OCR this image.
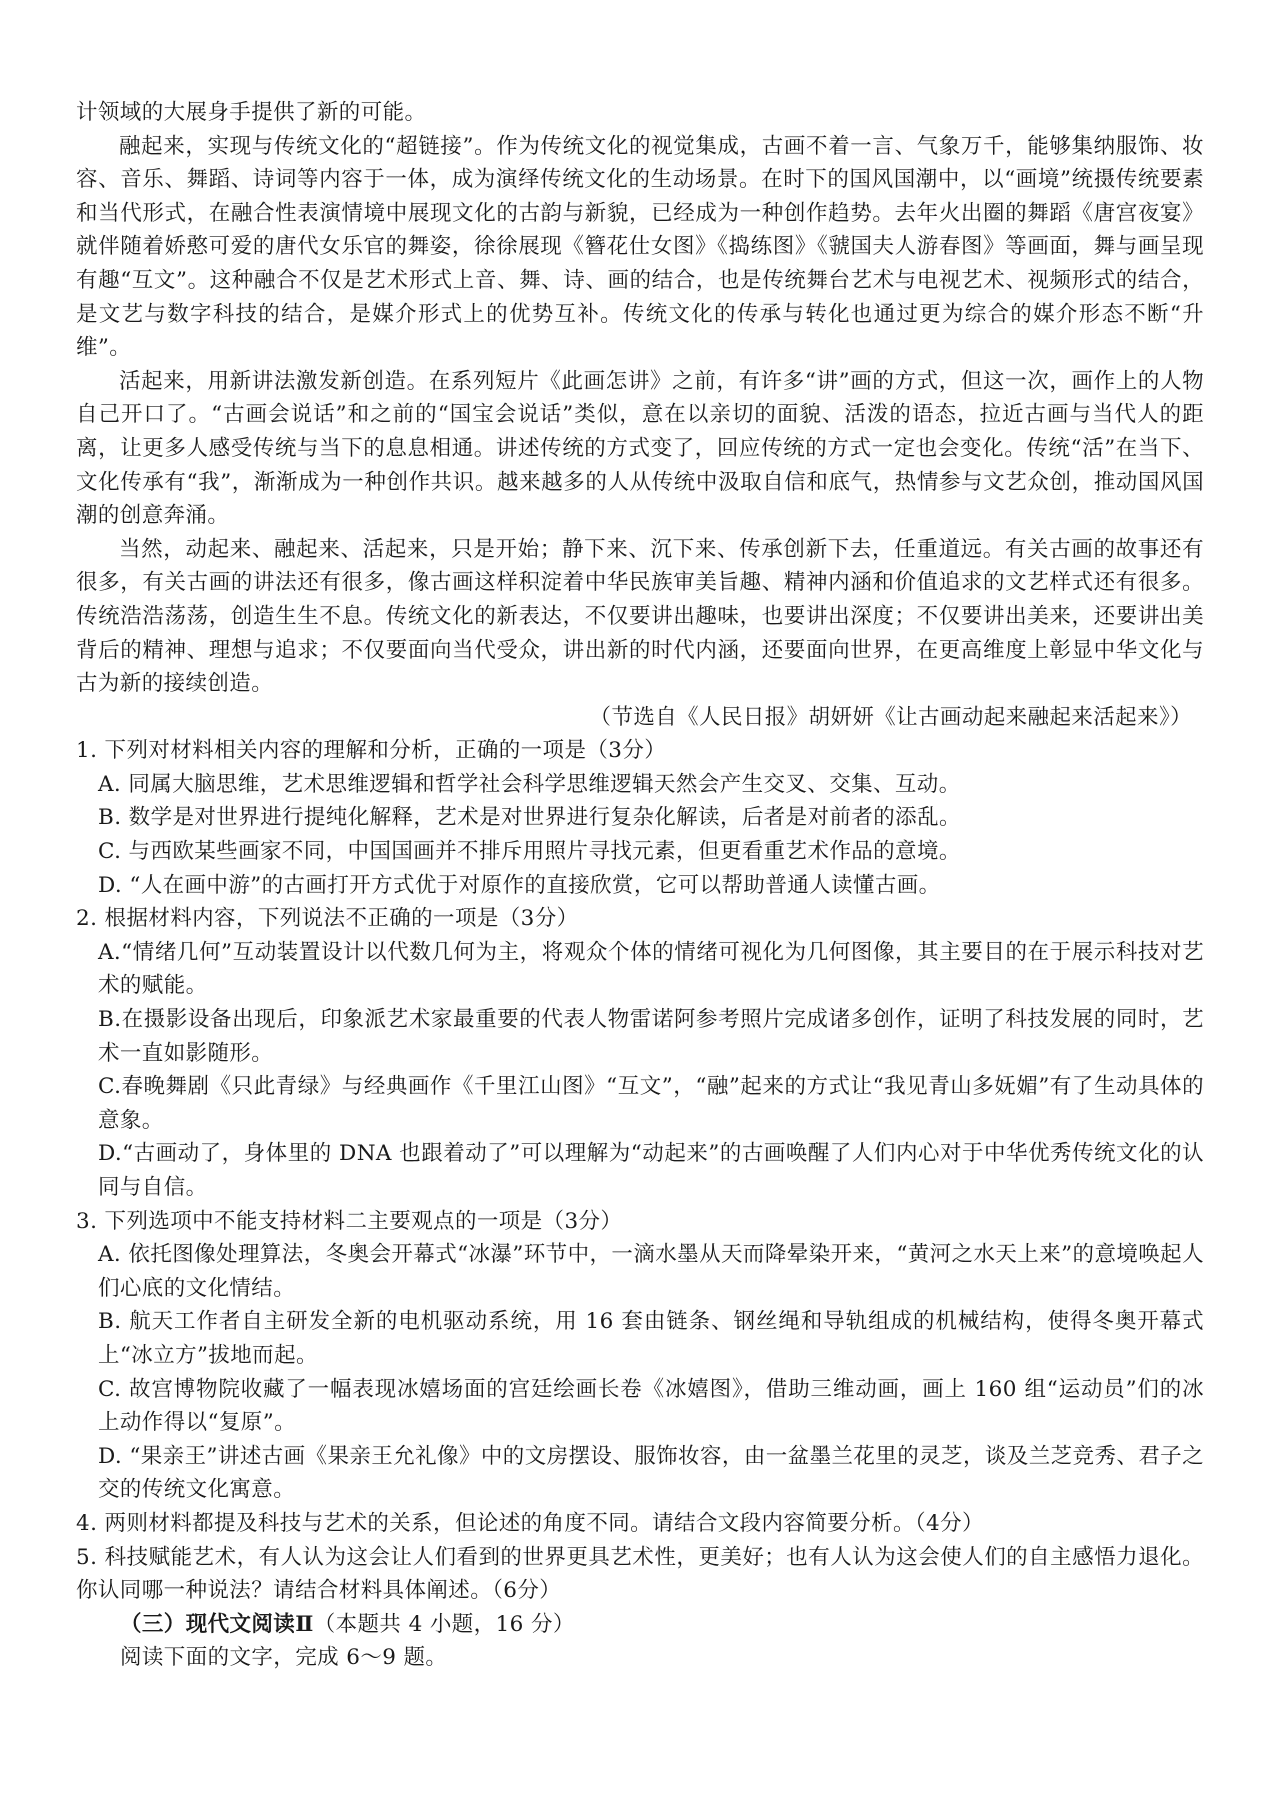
计领域的大展身手提供了新的可能。

融起来，实现与传统文化的“超链接”。作为传统文化的视觉集成，古画不着一言、气象万千，能够集纳服饰、妆容、音乐、舞蹈、诗词等内容于一体，成为演绎传统文化的生动场景。在时下的国风国潮中，以“画境”统摄传统要素和当代形式，在融合性表演情境中展现文化的古韵与新貌，已经成为一种创作趋势。去年火出圈的舞蹈《唐宫夜宴》就伴随着娇憨可爱的唐代女乐官的舞姿，徐徐展现《簪花仕女图》《捣练图》《虢国夫人游春图》等画面，舞与画呈现有趣“互文”。这种融合不仅是艺术形式上音、舞、诗、画的结合，也是传统舞台艺术与电视艺术、视频形式的结合，是文艺与数字科技的结合，是媒介形式上的优势互补。传统文化的传承与转化也通过更为综合的媒介形态不断“升维”。

活起来，用新讲法激发新创造。在系列短片《此画怎讲》之前，有许多“讲”画的方式，但这一次，画作上的人物自己开口了。“古画会说话”和之前的“国宝会说话”类似，意在以亲切的面貌、活泼的语态，拉近古画与当代人的距离，让更多人感受传统与当下的息息相通。讲述传统的方式变了，回应传统的方式一定也会变化。传统“活”在当下、文化传承有“我”，渐渐成为一种创作共识。越来越多的人从传统中汲取自信和底气，热情参与文艺众创，推动国风国潮的创意奔涌。

当然，动起来、融起来、活起来，只是开始；静下来、沉下来、传承创新下去，任重道远。有关古画的故事还有很多，有关古画的讲法还有很多，像古画这样积淀着中华民族审美旨趣、精神内涵和价值追求的文艺样式还有很多。传统浩浩荡荡，创造生生不息。传统文化的新表达，不仅要讲出趣味，也要讲出深度；不仅要讲出美来，还要讲出美背后的精神、理想与追求；不仅要面向当代受众，讲出新的时代内涵，还要面向世界，在更高维度上彰显中华文化与古为新的接续创造。

（节选自《人民日报》胡妍妍《让古画动起来融起来活起来》）

1. 下列对材料相关内容的理解和分析，正确的一项是（3分）

A. 同属大脑思维，艺术思维逻辑和哲学社会科学思维逻辑天然会产生交叉、交集、互动。

B. 数学是对世界进行提纯化解释，艺术是对世界进行复杂化解读，后者是对前者的添乱。

C. 与西欧某些画家不同，中国国画并不排斥用照片寻找元素，但更看重艺术作品的意境。

D. “人在画中游”的古画打开方式优于对原作的直接欣赏，它可以帮助普通人读懂古画。

2. 根据材料内容，下列说法不正确的一项是（3分）

A.“情绪几何”互动装置设计以代数几何为主，将观众个体的情绪可视化为几何图像，其主要目的在于展示科技对艺术的赋能。

B.在摄影设备出现后，印象派艺术家最重要的代表人物雷诺阿参考照片完成诸多创作，证明了科技发展的同时，艺术一直如影随形。

C.春晚舞剧《只此青绿》与经典画作《千里江山图》“互文”，“融”起来的方式让“我见青山多妩媚”有了生动具体的意象。

D.“古画动了，身体里的 DNA 也跟着动了”可以理解为“动起来”的古画唤醒了人们内心对于中华优秀传统文化的认同与自信。

3. 下列选项中不能支持材料二主要观点的一项是（3分）

A. 依托图像处理算法，冬奥会开幕式“冰瀑”环节中，一滴水墨从天而降晕染开来，“黄河之水天上来”的意境唤起人们心底的文化情结。

B. 航天工作者自主研发全新的电机驱动系统，用 16 套由链条、钢丝绳和导轨组成的机械结构，使得冬奥开幕式上“冰立方”拔地而起。

C. 故宫博物院收藏了一幅表现冰嬉场面的宫廷绘画长卷《冰嬉图》，借助三维动画，画上 160 组“运动员”们的冰上动作得以“复原”。

D. “果亲王”讲述古画《果亲王允礼像》中的文房摆设、服饰妆容，由一盆墨兰花里的灵芝，谈及兰芝竞秀、君子之交的传统文化寓意。

4. 两则材料都提及科技与艺术的关系，但论述的角度不同。请结合文段内容简要分析。（4分）

5. 科技赋能艺术，有人认为这会让人们看到的世界更具艺术性，更美好；也有人认为这会使人们的自主感悟力退化。你认同哪一种说法？请结合材料具体阐述。（6分）

（三）现代文阅读Ⅱ（本题共 4 小题，16 分）

阅读下面的文字，完成 6～9 题。
